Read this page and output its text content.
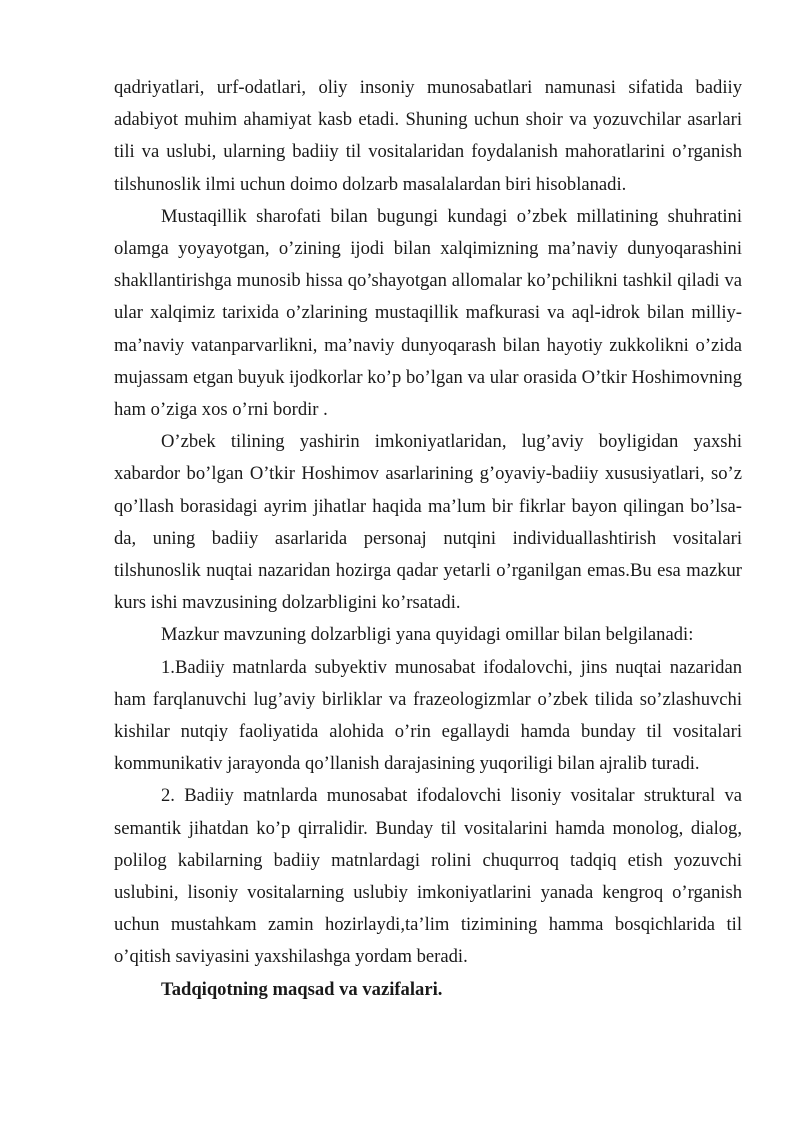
qadriyatlari, urf-odatlari, oliy insoniy munosabatlari namunasi sifatida badiiy adabiyot muhim ahamiyat kasb etadi. Shuning uchun shoir va yozuvchilar asarlari tili va uslubi, ularning badiiy til vositalaridan foydalanish mahoratlarini o’rganish tilshunoslik ilmi uchun doimo dolzarb masalalardan biri hisoblanadi.

Mustaqillik sharofati bilan bugungi kundagi o’zbek millatining shuhratini olamga yoyayotgan, o’zining ijodi bilan xalqimizning ma’naviy dunyoqarashini shakllantirishga munosib hissa qo’shayotgan allomalar ko’pchilikni tashkil qiladi va ular xalqimiz tarixida o’zlarining mustaqillik mafkurasi va aql-idrok bilan milliy-ma’naviy vatanparvarlikni, ma’naviy dunyoqarash bilan hayotiy zukkolikni o’zida mujassam etgan buyuk ijodkorlar ko’p bo’lgan va ular orasida O’tkir Hoshimovning ham o’ziga xos o’rni bordir .

O’zbek tilining yashirin imkoniyatlaridan, lug’aviy boyligidan yaxshi xabardor bo’lgan O’tkir Hoshimov asarlarining g’oyaviy-badiiy xususiyatlari, so’z qo’llash borasidagi ayrim jihatlar haqida ma’lum bir fikrlar bayon qilingan bo’lsa-da, uning badiiy asarlarida personaj nutqini individuallashtirish vositalari tilshunoslik nuqtai nazaridan hozirga qadar yetarli o’rganilgan emas.Bu esa mazkur kurs ishi mavzusining dolzarbligini ko’rsatadi.

Mazkur mavzuning dolzarbligi yana quyidagi omillar bilan belgilanadi:

1.Badiiy matnlarda subyektiv munosabat ifodalovchi, jins nuqtai nazaridan ham farqlanuvchi lug’aviy birliklar va frazeologizmlar o’zbek tilida so’zlashuvchi kishilar nutqiy faoliyatida alohida o’rin egallaydi hamda bunday til vositalari kommunikativ jarayonda qo’llanish darajasining yuqoriligi bilan ajralib turadi.

2. Badiiy matnlarda munosabat ifodalovchi lisoniy vositalar struktural va semantik jihatdan ko’p qirralidir. Bunday til vositalarini hamda monolog, dialog, polilog kabilarning badiiy matnlardagi rolini chuqurroq tadqiq etish yozuvchi uslubini, lisoniy vositalarning uslubiy imkoniyatlarini yanada kengroq o’rganish uchun mustahkam zamin hozirlaydi,ta’lim tizimining hamma bosqichlarida til o’qitish saviyasini yaxshilashga yordam beradi.

Tadqiqotning maqsad va vazifalari.
